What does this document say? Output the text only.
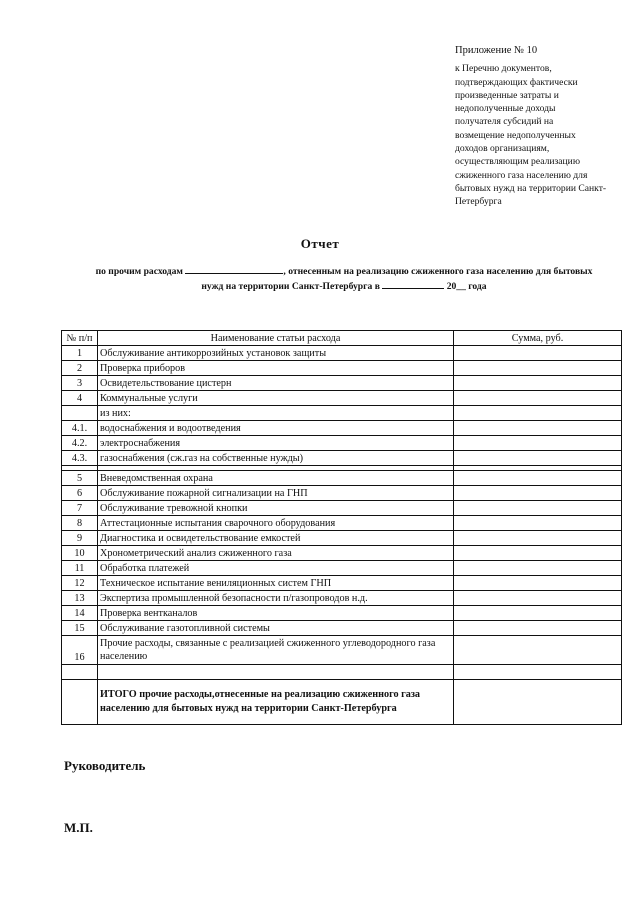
Приложение № 10
к Перечню документов,
подтверждающих фактически
произведенные затраты и
недополученные доходы
получателя субсидий на
возмещение недополученных
доходов организациям,
осуществляющим реализацию
сжиженного газа населению для
бытовых нужд на территории Санкт-
Петербурга
Отчет
по прочим расходам	, отнесенным на реализацию сжиженного газа населению для бытовых
нужд на территории Санкт-Петербурга в	20__ года
№ п/п	Наименование статьи расхода	Сумма, руб.
1	Обслуживание антикоррозийных установок защиты	
2	Проверка приборов	
3	Освидетельствование цистерн	
4	Коммунальные услуги	
	из них:	
4.1.	водоснабжения и водоотведения	
4.2.	электроснабжения	
4.3.	газоснабжения (сж.газ на собственные нужды)	

5	Вневедомственная охрана	
6	Обслуживание пожарной сигнализации на ГНП	
7	Обслуживание тревожной кнопки	
8	Аттестационные испытания сварочного оборудования	
9	Диагностика и освидетельствование емкостей	
10	Хронометрический анализ сжиженного газа	
11	Обработка платежей	
12	Техническое испытание вениляционных систем ГНП	
13	Экспертиза промышленной безопасности п/газопроводов н.д.	
14	Проверка вентканалов	
15	Обслуживание газотопливной системы	
16	Прочие расходы, связанные с реализацией сжиженного углеводородного газа населению	

	ИТОГО прочие расходы,отнесенные на реализацию сжиженного газа населению для бытовых нужд на территории Санкт-Петербурга	
Руководитель
М.П.
